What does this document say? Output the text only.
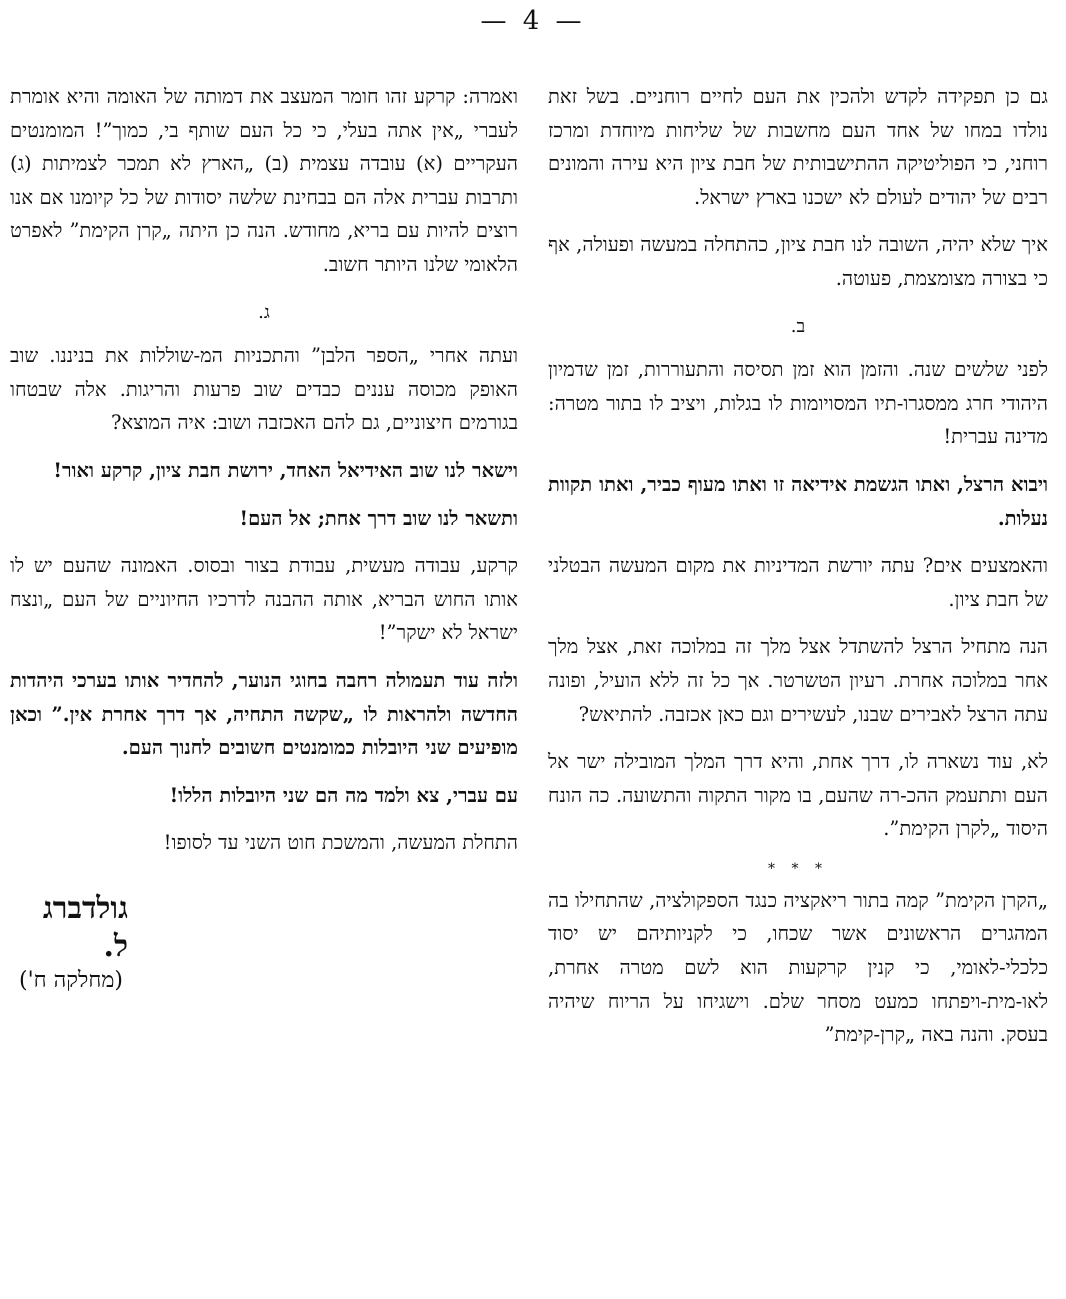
— 4 —

גם כן תפקידה לקדש ולהכין את העם לחיים רוחניים. בשל זאת נולדו במחו של אחד העם מחשבות של שליחות מיוחדת ומרכז רוחני, כי הפוליטיקה ההתישבותית של חבת ציון היא עירה והמונים רבים של יהודים לעולם לא ישכנו בארץ ישראל.

איך שלא יהיה, השובה לנו חבת ציון, כהתחלה במעשה ופעולה, אף כי בצורה מצומצמת, פעוטה.

ב.

לפני שלשים שנה. והזמן הוא זמן תסיסה והתעוררות, זמן שדמיון היהודי חרג ממסגרו-תיו המסויומות לו בגלות, ויציב לו בתור מטרה: מדינה עברית!

ויבוא הרצל, ואתו הגשמת אידיאה זו ואתו מעוף כביר, ואתו תקוות נעלות.

והאמצעים אים? עתה יורשת המדיניות את מקום המעשה הבטלני של חבת ציון.

הנה מתחיל הרצל להשתדל אצל מלך זה במלוכה זאת, אצל מלך אחר במלוכה אחרת. רעיון הטשרטר. אך כל זה ללא הועיל, ופונה עתה הרצל לאבירים שבנו, לעשירים וגם כאן אכזבה. להתיאש?

לא, עוד נשארה לו, דרך אחת, והיא דרך המלך המובילה ישר אל העם ותתעמק ההכ-רה שהעם, בו מקור התקוה והתשועה. כה הונח היסוד „לקרן הקימת”.

* * *

„הקרן הקימת” קמה בתור ריאקציה כנגד הספקולציה, שהתחילו בה המהגרים הראשונים אשר שכחו, כי לקניותיהם יש יסוד כלכלי-לאומי, כי קנין קרקעות הוא לשם מטרה אחרת, לאו-מית-ויפתחו כמעט מסחר שלם. וישגיחו על הריוח שיהיה בעסק. והנה באה „קרן-קימת”

ואמרה: קרקע זהו חומר המעצב את דמותה של האומה והיא אומרת לעברי „אין אתה בעלי, כי כל העם שותף בי, כמוך”! המומנטים העקריים (א) עובדה עצמית (ב) „הארץ לא תמכר לצמיתות (ג) ותרבות עברית אלה הם בבחינת שלשה יסודות של כל קיומנו אם אנו רוצים להיות עם בריא, מחודש. הנה כן היתה „קרן הקימת” לאפרט הלאומי שלנו היותר חשוב.

ג.

ועתה אחרי „הספר הלבן” והתכניות המ-שוללות את בניננו. שוב האופק מכוסה עננים כבדים שוב פרעות והריגות. אלה שבטחו בגורמים חיצוניים, גם להם האכזבה ושוב: איה המוצא?

וישאר לנו שוב האידיאל האחד, ירושת חבת ציון, קרקע ואור!

ותשאר לנו שוב דרך אחת; אל העם!

קרקע, עבודה מעשית, עבודת בצור ובסוס. האמונה שהעם יש לו אותו החוש הבריא, אותה ההבנה לדרכיו החיוניים של העם „ונצח ישראל לא ישקר”!

ולזה עוד תעמולה רחבה בחוגי הנוער, להחדיר אותו בערכי היהדות החדשה ולהראות לו „שקשה התחיה, אך דרך אחרת אין.” וכאן מופיעים שני היובלות כמומנטים חשובים לחנוך העם.

עם עברי, צא ולמד מה הם שני היובלות הללו!

התחלת המעשה, והמשכת חוט השני עד לסופו!

גולדברג ל.
(מחלקה ח')
